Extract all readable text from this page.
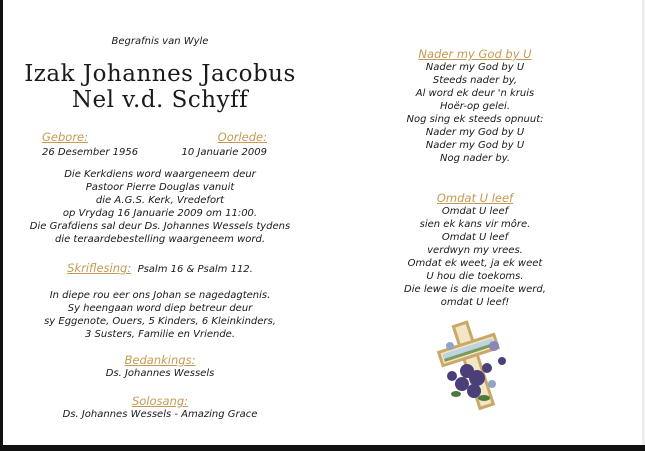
Begrafnis van Wyle
Izak Johannes Jacobus
Nel v.d. Schyff
Gebore:
26 Desember 1956
Oorlede:
10 Januarie 2009
Die Kerkdiens word waargeneem deur
Pastoor Pierre Douglas vanuit
die A.G.S. Kerk, Vredefort
op Vrydag 16 Januarie 2009 om 11:00.
Die Grafdiens sal deur Ds. Johannes Wessels tydens
die teraardebestelling waargeneem word.
Skriflesing: Psalm 16 & Psalm 112.
In diepe rou eer ons Johan se nagedagtenis.
Sy heengaan word diep betreur deur
sy Eggenote, Ouers, 5 Kinders, 6 Kleinkinders,
3 Susters, Familie en Vriende.
Bedankings:
Ds. Johannes Wessels
Solosang:
Ds. Johannes Wessels - Amazing Grace
Nader my God by U
Nader my God by U
Steeds nader by,
Al word ek deur 'n kruis
Hoër-op gelei.
Nog sing ek steeds opnuut:
Nader my God by U
Nader my God by U
Nog nader by.
Omdat U leef
Omdat U leef
sien ek kans vir môre.
Omdat U leef
verdwyn my vrees.
Omdat ek weet, ja ek weet
U hou die toekoms.
Die lewe is die moeite werd,
omdat U leef!
